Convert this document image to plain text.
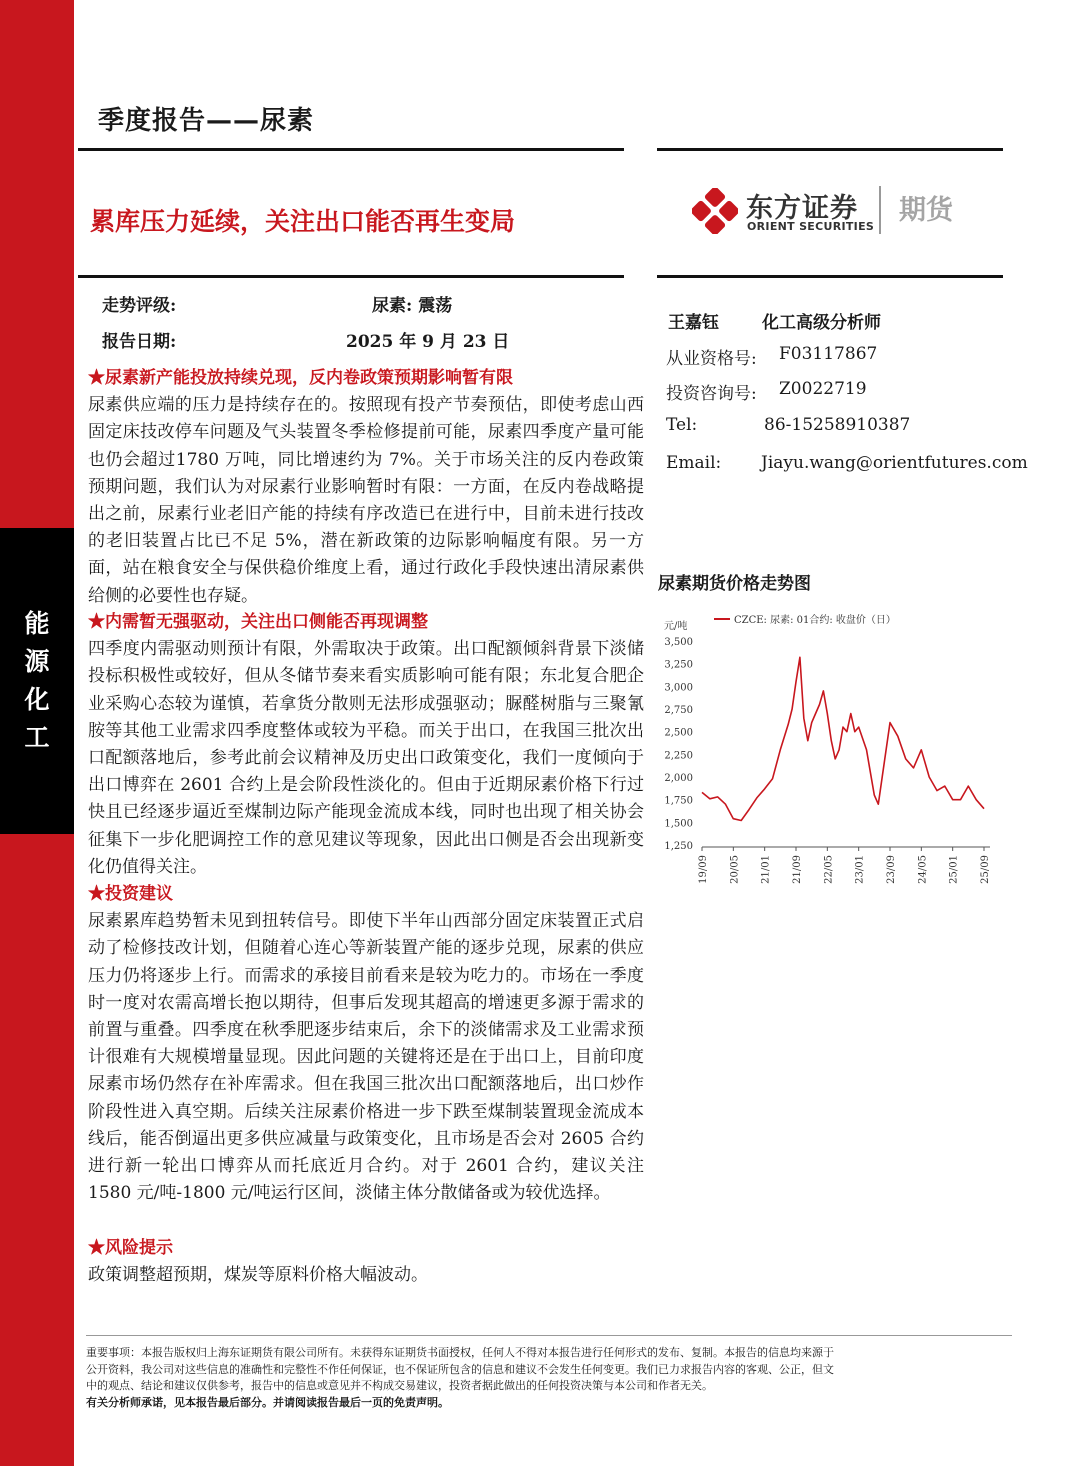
能
源
化
工
季度报告——尿素
累库压力延续，关注出口能否再生变局	东方证券
ORIENT SECURITIES
期货
走势评级:	尿素: 震荡
报告日期:	2025 年 9 月 23 日

★尿素新产能投放持续兑现，反内卷政策预期影响暂有限

尿素供应端的压力是持续存在的。按照现有投产节奏预估，即使考虑山西固定床技改停车问题及气头装置冬季检修提前可能，尿素四季度产量可能也仍会超过1780 万吨，同比增速约为 7%。关于市场关注的反内卷政策预期问题，我们认为对尿素行业影响暂时有限：一方面，在反内卷战略提出之前，尿素行业老旧产能的持续有序改造已在进行中，目前未进行技改的老旧装置占比已不足 5%，潜在新政策的边际影响幅度有限。另一方面，站在粮食安全与保供稳价维度上看，通过行政化手段快速出清尿素供给侧的必要性也存疑。

★内需暂无强驱动，关注出口侧能否再现调整

四季度内需驱动则预计有限，外需取决于政策。出口配额倾斜背景下淡储投标积极性或较好，但从冬储节奏来看实质影响可能有限；东北复合肥企业采购心态较为谨慎，若拿货分散则无法形成强驱动；脲醛树脂与三聚氰胺等其他工业需求四季度整体或较为平稳。而关于出口，在我国三批次出口配额落地后，参考此前会议精神及历史出口政策变化，我们一度倾向于出口博弈在 2601 合约上是会阶段性淡化的。但由于近期尿素价格下行过快且已经逐步逼近至煤制边际产能现金流成本线，同时也出现了相关协会征集下一步化肥调控工作的意见建议等现象，因此出口侧是否会出现新变化仍值得关注。

★投资建议

尿素累库趋势暂未见到扭转信号。即使下半年山西部分固定床装置正式启动了检修技改计划，但随着心连心等新装置产能的逐步兑现，尿素的供应压力仍将逐步上行。而需求的承接目前看来是较为吃力的。市场在一季度时一度对农需高增长抱以期待，但事后发现其超高的增速更多源于需求的前置与重叠。四季度在秋季肥逐步结束后，余下的淡储需求及工业需求预计很难有大规模增量显现。因此问题的关键将还是在于出口上，目前印度尿素市场仍然存在补库需求。但在我国三批次出口配额落地后，出口炒作阶段性进入真空期。后续关注尿素价格进一步下跌至煤制装置现金流成本线后，能否倒逼出更多供应减量与政策变化，且市场是否会对 2605 合约进行新一轮出口博弈从而托底近月合约。对于 2601 合约，建议关注 1580 元/吨-1800 元/吨运行区间，淡储主体分散储备或为较优选择。

★风险提示

政策调整超预期，煤炭等原料价格大幅波动。

王嘉钰	化工高级分析师
从业资格号: F03117867
投资咨询号: Z0022719
Tel:	86-15258910387
Email: Jiayu.wang@orientfutures.com
尿素期货价格走势图
元/吨
CZCE: 尿素: 01合约: 收盘价（日）
3,500
3,250
3,000
2,750
2,500
2,250
2,000
1,750
1,500
1,250
19/09 20/05 21/01 21/09 22/05 23/01 23/09 24/05 25/01 25/09
重要事项：本报告版权归上海东证期货有限公司所有。未获得东证期货书面授权，任何人不得对本报告进行任何形式的发布、复制。本报告的信息均来源于
公开资料，我公司对这些信息的准确性和完整性不作任何保证，也不保证所包含的信息和建议不会发生任何变更。我们已力求报告内容的客观、公正，但文
中的观点、结论和建议仅供参考，报告中的信息或意见并不构成交易建议，投资者据此做出的任何投资决策与本公司和作者无关。
有关分析师承诺，见本报告最后部分。并请阅读报告最后一页的免责声明。
